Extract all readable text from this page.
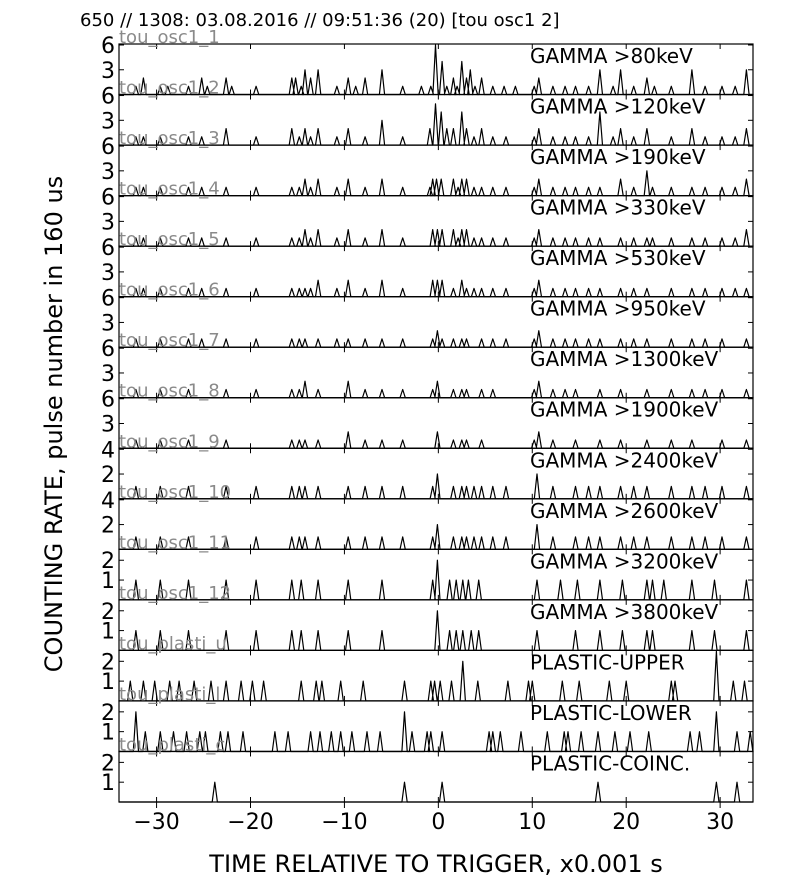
650 // 1308: 03.08.2016 // 09:51:36 (20) [tou osc1 2]
3
6	GAMMA >80keV
tou_osc1_1
3
6	GAMMA >120keV
tou_osc1_2
3
6	GAMMA >190keV
tou_osc1_3
3
6	GAMMA >330keV
tou_osc1_4
3
6	GAMMA >530keV
tou_osc1_5
3
6	GAMMA >950keV
tou_osc1_6
3
6	GAMMA >1300keV
tou_osc1_7
3
6	GAMMA >1900keV
tou_osc1_8
2
4	GAMMA >2400keV
tou_osc1_9
2
4	GAMMA >2600keV
tou_osc1_10
1
2	GAMMA >3200keV
tou_osc1_11
1
2	GAMMA >3800keV
tou_osc1_12
1
2	PLASTIC-UPPER
tou_plasti_u
1
2	PLASTIC-LOWER
tou_plasti_l
1
2	PLASTIC-COINC.
tou_plasti_c
−30 −20 −10	0	10	20	30
TIME RELATIVE TO TRIGGER, x0.001 s
COUNTING RATE, pulse number in 160 us
